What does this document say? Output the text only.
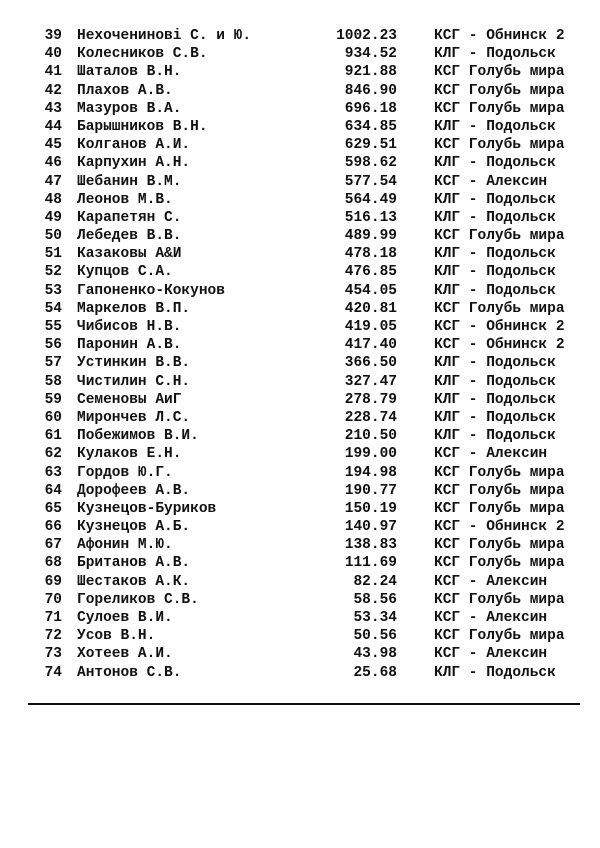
39 Нехоченинові С. и Ю.	1002.23	КСГ - Обнинск 2
40 Колесников С.В.	934.52	КЛГ - Подольск
41 Шаталов В.Н.	921.88	КСГ Голубь мира
42 Плахов А.В.	846.90	КСГ Голубь мира
43 Мазуров В.А.	696.18	КСГ Голубь мира
44 Барышников В.Н.	634.85	КЛГ - Подольск
45 Колганов А.И.	629.51	КСГ Голубь мира
46 Карпухин А.Н.	598.62	КЛГ - Подольск
47 Шебанин В.М.	577.54	КСГ - Алексин
48 Леонов М.В.	564.49	КЛГ - Подольск
49 Карапетян С.	516.13	КЛГ - Подольск
50 Лебедев В.В.	489.99	КСГ Голубь мира
51 Казаковы А&И	478.18	КЛГ - Подольск
52 Купцов С.А.	476.85	КЛГ - Подольск
53 Гапоненко-Кокунов	454.05	КЛГ - Подольск
54 Маркелов В.П.	420.81	КСГ Голубь мира
55 Чибисов Н.В.	419.05	КСГ - Обнинск 2
56 Паронин А.В.	417.40	КСГ - Обнинск 2
57 Устинкин В.В.	366.50	КЛГ - Подольск
58 Чистилин С.Н.	327.47	КЛГ - Подольск
59 Семеновы АиГ	278.79	КЛГ - Подольск
60 Мирончев Л.С.	228.74	КЛГ - Подольск
61 Побежимов В.И.	210.50	КЛГ - Подольск
62 Кулаков Е.Н.	199.00	КСГ - Алексин
63 Гордов Ю.Г.	194.98	КСГ Голубь мира
64 Дорофеев А.В.	190.77	КСГ Голубь мира
65 Кузнецов-Буриков	150.19	КСГ Голубь мира
66 Кузнецов А.Б.	140.97	КСГ - Обнинск 2
67 Афонин М.Ю.	138.83	КСГ Голубь мира
68 Британов А.В.	111.69	КСГ Голубь мира
69 Шестаков А.К.	82.24	КСГ - Алексин
70 Гореликов С.В.	58.56	КСГ Голубь мира
71 Сулоев В.И.	53.34	КСГ - Алексин
72 Усов В.Н.	50.56	КСГ Голубь мира
73 Хотеев А.И.	43.98	КСГ - Алексин
74 Антонов С.В.	25.68	КЛГ - Подольск
